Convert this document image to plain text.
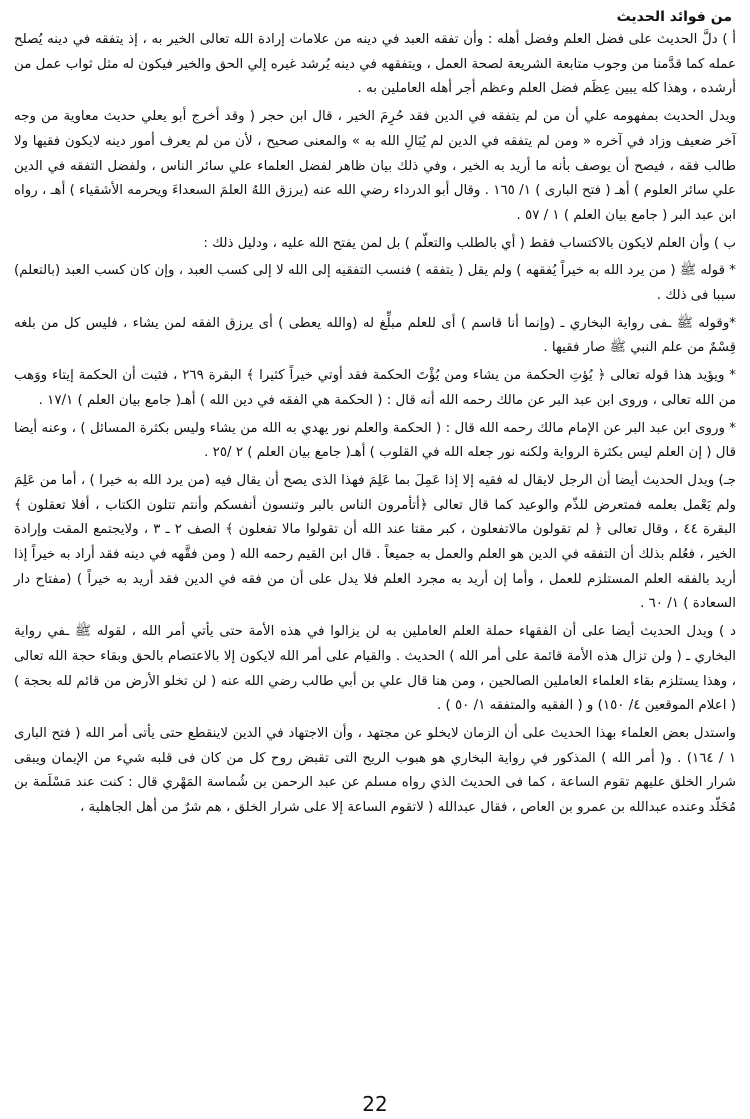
من فوائد الحديث

أ ) دلَّ الحديث على فضل العلم وفضل أهله : وأن تفقه العبد في دينه من علامات إرادة الله تعالى الخير به ، إذ يتفقه في دينه يُصلح عمله كما قدَّمنا من وجوب متابعة الشريعة لصحة العمل ، ويتفقهه في دينه يُرشد غيره إلي الحق والخير فيكون له مثل ثواب عمل من أرشده ، وهذا كله يبين عِظَم فضل العلم وعظم أجر أهله العاملين به .

ويدل الحديث بمفهومه علي أن من لم يتفقه في الدين فقد حُرِمَ الخير ، قال ابن حجر ( وقد أخرج أبو يعلي حديث معاوية من وجه آخر ضعيف وزاد في آخره « ومن لم يتفقه في الدين لم يُبَالِ الله به » والمعنى صحيح ، لأن من لم يعرف أمور دينه لايكون فقيها ولا طالب فقه ، فيصح أن يوصف بأنه ما أريد به الخير ، وفي ذلك بيان ظاهر لفضل العلماء علي سائر الناس ، ولفضل التفقه في الدين علي سائر العلوم ) أهـ ( فتح البارى ) ١/ ١٦٥ . وقال أبو الدرداء رضي الله عنه (يرزق اللهُ العلمَ السعداءَ ويحرمه الأشقياء ) أهـ ، رواه ابن عبد البر ( جامع بيان العلم ) ١ / ٥٧ .

ب ) وأن العلم لايكون بالاكتساب فقط ( أي بالطلب والتعلّم ) بل لمن يفتح الله عليه ، ودليل ذلك :

* قوله ﷺ ( من يرد الله به خيراً يُفقهه ) ولم يقل ( يتفقه ) فنسب التفقيه إلى الله لا إلى كسب العبد ، وإن كان كسب العبد (بالتعلم) سببا فى ذلك .

*وقوله ﷺ ـفى رواية البخاري ـ (وإنما أنا قاسم ) أى للعلم مبلِّغ له (والله يعطى ) أى يرزق الفقه لمن يشاء ، فليس كل من بلغه قِسْمٌ من علم النبي ﷺ صار فقيها .

* ويؤيد هذا قوله تعالى ﴿ يُؤتِ الحكمة من يشاء ومن يُؤْتَ الحكمة فقد أوتي خيراً كثيرا ﴾ البقرة ٢٦٩ ، فثبت أن الحكمة إيتاء ووَهب من الله تعالى ، وروى ابن عبد البر عن مالك رحمه الله أنه قال : ( الحكمة هي الفقه في دين الله ) أهـ( جامع بيان العلم ) ١٧/١ .

* وروى ابن عبد البر عن الإمام مالك رحمه الله قال : ( الحكمة والعلم نور يهدي به الله من يشاء وليس بكثرة المسائل ) ، وعنه أيضا قال ( إن العلم ليس بكثرة الرواية ولكنه نور جعله الله في القلوب ) أهـ( جامع بيان العلم ) ٢ /٢٥ .

جـ) ويدل الحديث أيضا أن الرجل لايقال له فقيه إلا إذا عَمِلَ بما عَلِمَ فهذا الذى يصح أن يقال فيه (من يرد الله به خيرا ) ، أما من عَلِمَ ولم يَعْمل بعلمه فمتعرض للذّم والوعيد كما قال تعالى ﴿أتأمرون الناس بالبر وتنسون أنفسكم وأنتم تتلون الكتاب ، أفلا تعقلون ﴾ البقرة ٤٤ ، وقال تعالى ﴿ لم تقولون مالاتفعلون ، كبر مقتا عند الله أن تقولوا مالا تفعلون ﴾ الصف ٢ ـ ٣ ، ولايجتمع المقت وإرادة الخير ، فعُلم بذلك أن التفقه في الدين هو العلم والعمل به جميعاً . قال ابن القيم رحمه الله ( ومن فقَّهه في دينه فقد أراد به خيراً إذا أريد بالفقه العلم المستلزم للعمل ، وأما إن أريد به مجرد العلم فلا يدل على أن من فقه في الدين فقد أريد به خيراً ) (مفتاح دار السعادة ) ١/ ٦٠ .

د ) ويدل الحديث أيضا على أن الفقهاء حملة العلم العاملين به لن يزالوا في هذه الأمة حتى يأتي أمر الله ، لقوله ﷺ ـفي رواية البخاري ـ ( ولن تزال هذه الأمة قائمة على أمر الله ) الحديث . والقيام على أمر الله لايكون إلا بالاعتصام بالحق وبقاء حجة الله تعالى ، وهذا يستلزم بقاء العلماء العاملين الصالحين ، ومن هنا قال علي بن أبي طالب رضي الله عنه ( لن تخلو الأرض من قائم لله بحجة ) ( اعلام الموقعين ٤/ ١٥٠) و ( الفقيه والمتفقه ١/ ٥٠ ) .

واستدل بعض العلماء بهذا الحديث على أن الزمان لايخلو عن مجتهد ، وأن الاجتهاد في الدين لاينقطع حتى يأتى أمر الله ( فتح البارى ١ / ١٦٤) . و( أمر الله ) المذكور في رواية البخاري هو هبوب الريح التى تقبض روح كل من كان فى قلبه شيء من الإيمان ويبقى شرار الخلق عليهم تقوم الساعة ، كما فى الحديث الذي رواه مسلم عن عبد الرحمن بن شُماسة المَهْري قال : كنت عند مَسْلَمة بن مُخَلّد وعنده عبدالله بن عمرو بن العاص ، فقال عبدالله ( لاتقوم الساعة إلا على شرار الخلق ، هم شرٌ من أهل الجاهلية ،

22
